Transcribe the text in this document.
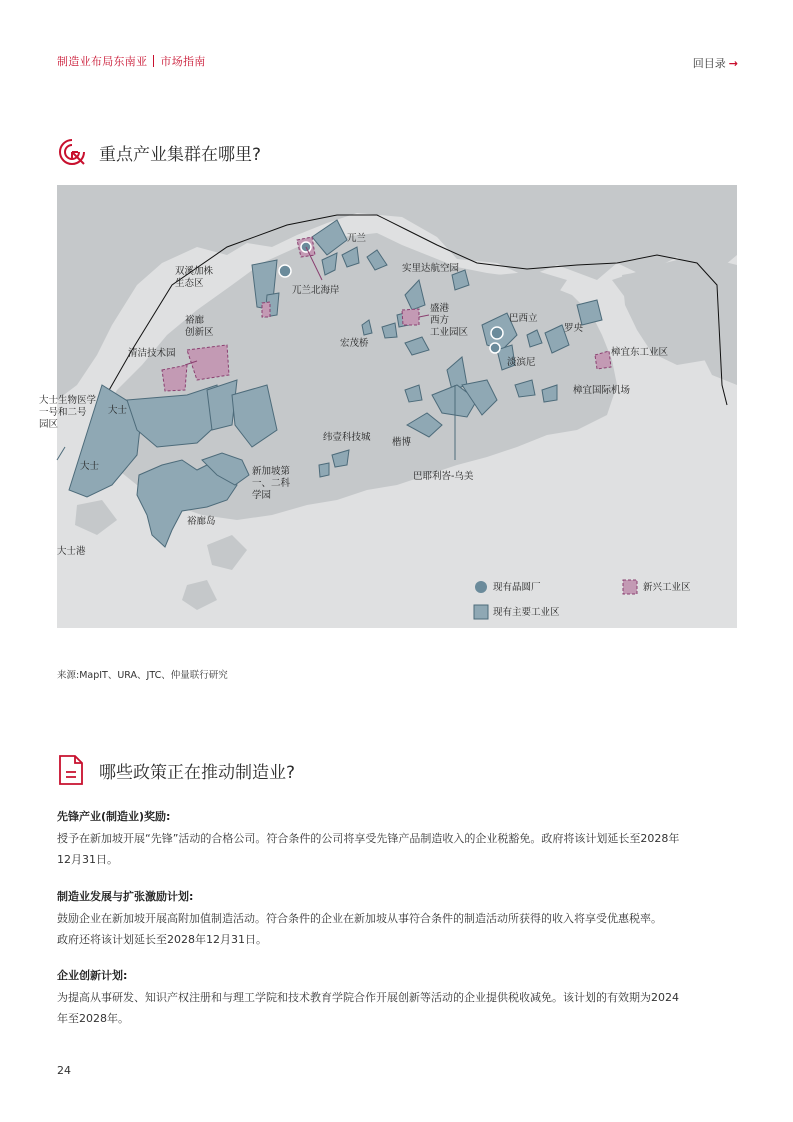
制造业布局东南亚 市场指南	回目录 →
重点产业集群在哪里?
兀兰
双溪加株
生态区
兀兰北海岸
实里达航空园
裕廊
创新区
清洁技术园
盛港
西方
工业园区
巴西立
罗央
淡滨尼
樟宜东工业区
樟宜国际机场
宏茂桥
大士生物医学
一号和二号
园区
大士
大士
纬壹科技城 楷博
巴耶利峇-乌美
新加坡第
一、二科
学园
裕廊岛
大士港
现有晶圆厂	新兴工业区
现有主要工业区
来源:MapIT、URA、JTC、仲量联行研究
哪些政策正在推动制造业?
先锋产业(制造业)奖励:
授予在新加坡开展“先锋”活动的合格公司。符合条件的公司将享受先锋产品制造收入的企业税豁免。政府将该计划延长至2028年
12月31日。
制造业发展与扩张激励计划:
鼓励企业在新加坡开展高附加值制造活动。符合条件的企业在新加坡从事符合条件的制造活动所获得的收入将享受优惠税率。
政府还将该计划延长至2028年12月31日。
企业创新计划:
为提高从事研发、知识产权注册和与理工学院和技术教育学院合作开展创新等活动的企业提供税收减免。该计划的有效期为2024
年至2028年。
24
